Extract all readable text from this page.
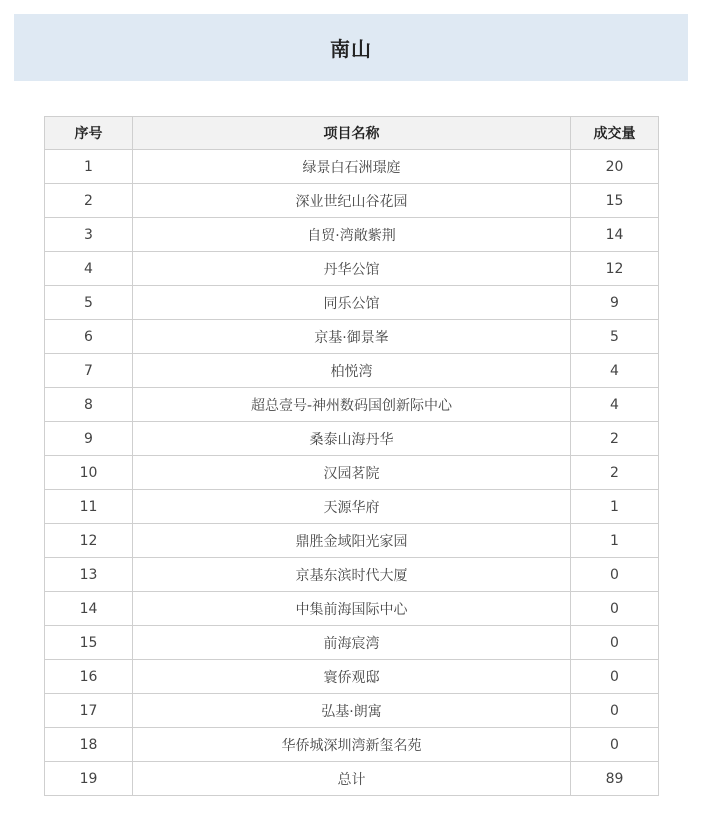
南山
序号	项目名称	成交量
1	绿景白石洲璟庭	20
2	深业世纪山谷花园	15
3	自贸·湾敞紫荆	14
4	丹华公馆	12
5	同乐公馆	9
6	京基·御景峯	5
7	柏悦湾	4
8	超总壹号-神州数码国创新际中心	4
9	桑泰山海丹华	2
10	汉园茗院	2
11	天源华府	1
12	鼎胜金域阳光家园	1
13	京基东滨时代大厦	0
14	中集前海国际中心	0
15	前海宸湾	0
16	寰侨观邸	0
17	弘基·朗寓	0
18	华侨城深圳湾新玺名苑	0
19	总计	89
